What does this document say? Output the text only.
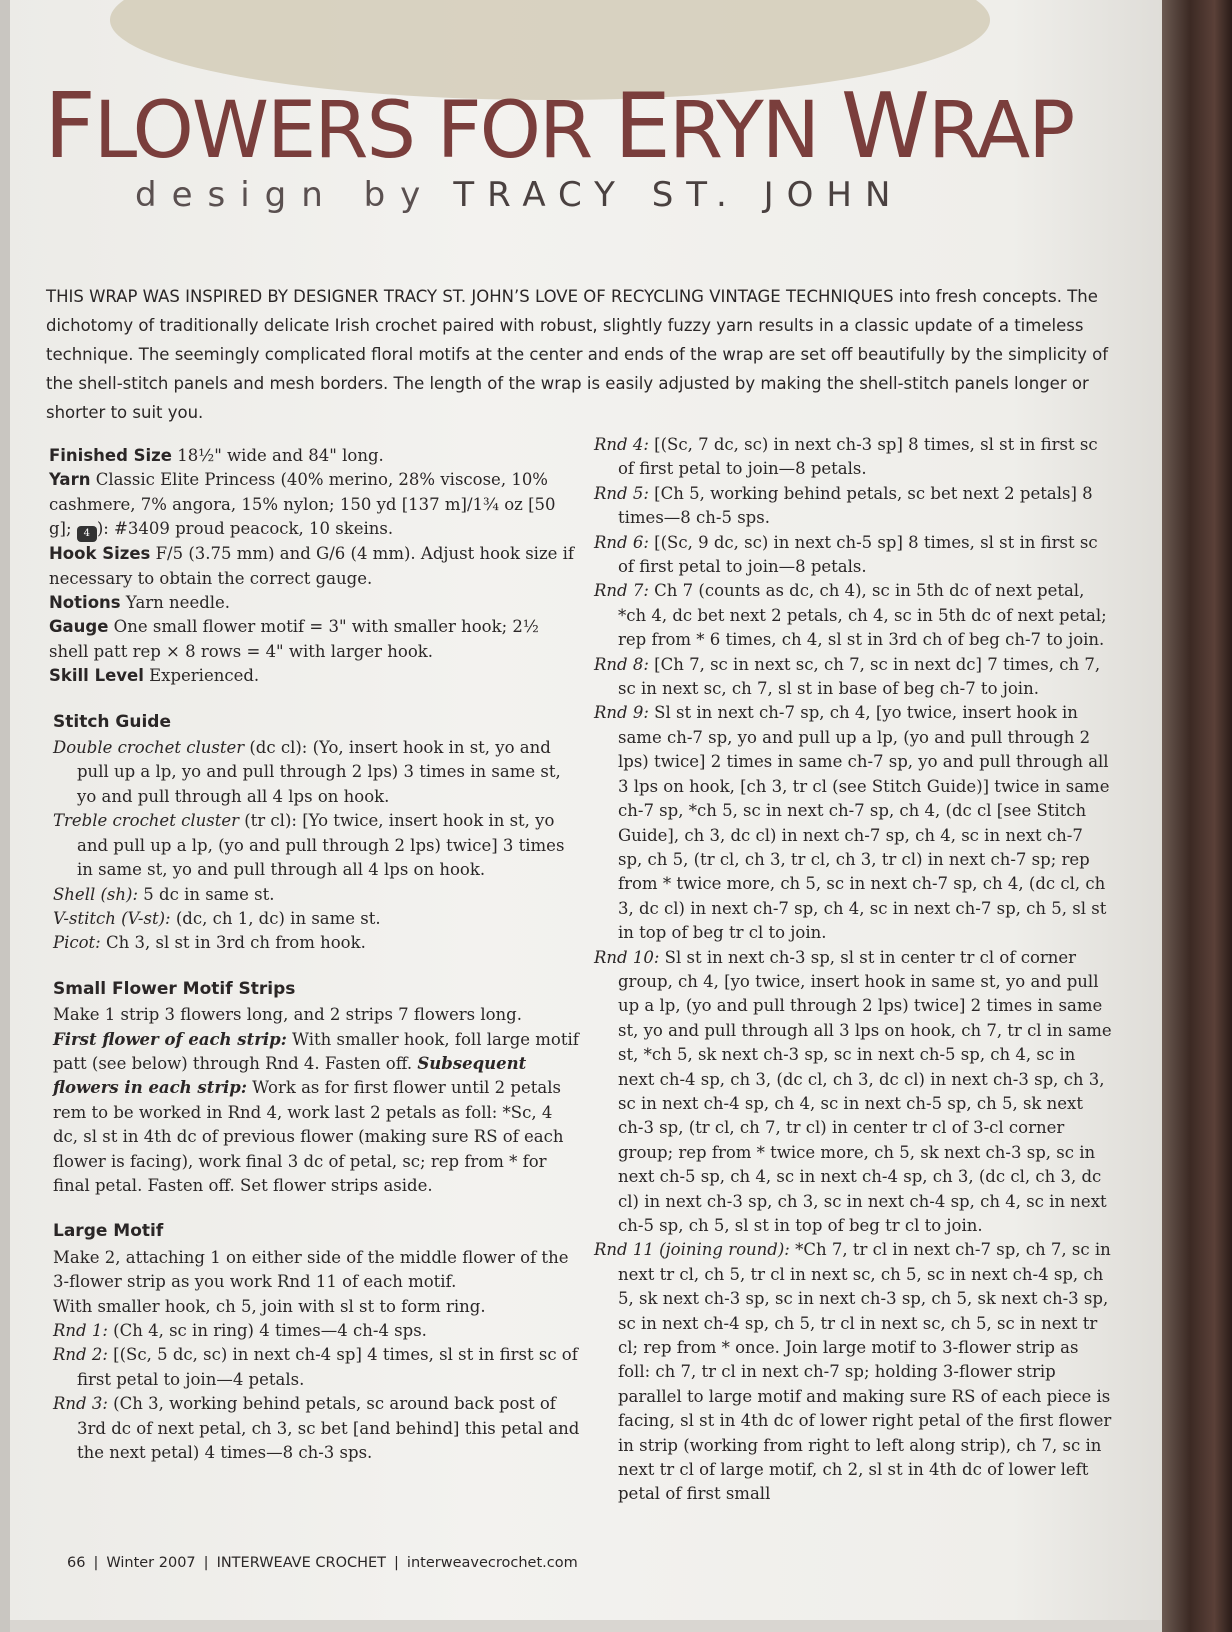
FLOWERS FOR ERYN WRAP
design by TRACY ST. JOHN
THIS WRAP WAS INSPIRED BY DESIGNER TRACY ST. JOHN’S LOVE OF RECYCLING VINTAGE TECHNIQUES into fresh concepts. The dichotomy of traditionally delicate Irish crochet paired with robust, slightly fuzzy yarn results in a classic update of a timeless technique. The seemingly complicated floral motifs at the center and ends of the wrap are set off beautifully by the simplicity of the shell-stitch panels and mesh borders. The length of the wrap is easily adjusted by making the shell-stitch panels longer or shorter to suit you.

Finished Size 18½" wide and 84" long.

Yarn Classic Elite Princess (40% merino, 28% viscose, 10% cashmere, 7% angora, 15% nylon; 150 yd [137 m]/1¾ oz [50 g]; 4 ): #3409 proud peacock, 10 skeins.

Hook Sizes F/5 (3.75 mm) and G/6 (4 mm). Adjust hook size if necessary to obtain the correct gauge.

Notions Yarn needle.

Gauge One small flower motif = 3" with smaller hook; 2½ shell patt rep × 8 rows = 4" with larger hook.

Skill Level Experienced.

Stitch Guide

Double crochet cluster (dc cl): (Yo, insert hook in st, yo and pull up a lp, yo and pull through 2 lps) 3 times in same st, yo and pull through all 4 lps on hook.

Treble crochet cluster (tr cl): [Yo twice, insert hook in st, yo and pull up a lp, (yo and pull through 2 lps) twice] 3 times in same st, yo and pull through all 4 lps on hook.

Shell (sh): 5 dc in same st.

V-stitch (V-st): (dc, ch 1, dc) in same st.

Picot: Ch 3, sl st in 3rd ch from hook.

Small Flower Motif Strips

Make 1 strip 3 flowers long, and 2 strips 7 flowers long.

First flower of each strip: With smaller hook, foll large motif patt (see below) through Rnd 4. Fasten off. Subsequent flowers in each strip: Work as for first flower until 2 petals rem to be worked in Rnd 4, work last 2 petals as foll: *Sc, 4 dc, sl st in 4th dc of previous flower (making sure RS of each flower is facing), work final 3 dc of petal, sc; rep from * for final petal. Fasten off. Set flower strips aside.

Large Motif

Make 2, attaching 1 on either side of the middle flower of the 3-flower strip as you work Rnd 11 of each motif.

With smaller hook, ch 5, join with sl st to form ring.

Rnd 1: (Ch 4, sc in ring) 4 times—4 ch-4 sps.

Rnd 2: [(Sc, 5 dc, sc) in next ch-4 sp] 4 times, sl st in first sc of first petal to join—4 petals.

Rnd 3: (Ch 3, working behind petals, sc around back post of 3rd dc of next petal, ch 3, sc bet [and behind] this petal and the next petal) 4 times—8 ch-3 sps.

Rnd 4: [(Sc, 7 dc, sc) in next ch-3 sp] 8 times, sl st in first sc of first petal to join—8 petals.

Rnd 5: [Ch 5, working behind petals, sc bet next 2 petals] 8 times—8 ch-5 sps.

Rnd 6: [(Sc, 9 dc, sc) in next ch-5 sp] 8 times, sl st in first sc of first petal to join—8 petals.

Rnd 7: Ch 7 (counts as dc, ch 4), sc in 5th dc of next petal, *ch 4, dc bet next 2 petals, ch 4, sc in 5th dc of next petal; rep from * 6 times, ch 4, sl st in 3rd ch of beg ch-7 to join.

Rnd 8: [Ch 7, sc in next sc, ch 7, sc in next dc] 7 times, ch 7, sc in next sc, ch 7, sl st in base of beg ch-7 to join.

Rnd 9: Sl st in next ch-7 sp, ch 4, [yo twice, insert hook in same ch-7 sp, yo and pull up a lp, (yo and pull through 2 lps) twice] 2 times in same ch-7 sp, yo and pull through all 3 lps on hook, [ch 3, tr cl (see Stitch Guide)] twice in same ch-7 sp, *ch 5, sc in next ch-7 sp, ch 4, (dc cl [see Stitch Guide], ch 3, dc cl) in next ch-7 sp, ch 4, sc in next ch-7 sp, ch 5, (tr cl, ch 3, tr cl, ch 3, tr cl) in next ch-7 sp; rep from * twice more, ch 5, sc in next ch-7 sp, ch 4, (dc cl, ch 3, dc cl) in next ch-7 sp, ch 4, sc in next ch-7 sp, ch 5, sl st in top of beg tr cl to join.

Rnd 10: Sl st in next ch-3 sp, sl st in center tr cl of corner group, ch 4, [yo twice, insert hook in same st, yo and pull up a lp, (yo and pull through 2 lps) twice] 2 times in same st, yo and pull through all 3 lps on hook, ch 7, tr cl in same st, *ch 5, sk next ch-3 sp, sc in next ch-5 sp, ch 4, sc in next ch-4 sp, ch 3, (dc cl, ch 3, dc cl) in next ch-3 sp, ch 3, sc in next ch-4 sp, ch 4, sc in next ch-5 sp, ch 5, sk next ch-3 sp, (tr cl, ch 7, tr cl) in center tr cl of 3-cl corner group; rep from * twice more, ch 5, sk next ch-3 sp, sc in next ch-5 sp, ch 4, sc in next ch-4 sp, ch 3, (dc cl, ch 3, dc cl) in next ch-3 sp, ch 3, sc in next ch-4 sp, ch 4, sc in next ch-5 sp, ch 5, sl st in top of beg tr cl to join.

Rnd 11 (joining round): *Ch 7, tr cl in next ch-7 sp, ch 7, sc in next tr cl, ch 5, tr cl in next sc, ch 5, sc in next ch-4 sp, ch 5, sk next ch-3 sp, sc in next ch-3 sp, ch 5, sk next ch-3 sp, sc in next ch-4 sp, ch 5, tr cl in next sc, ch 5, sc in next tr cl; rep from * once. Join large motif to 3-flower strip as foll: ch 7, tr cl in next ch-7 sp; holding 3-flower strip parallel to large motif and making sure RS of each piece is facing, sl st in 4th dc of lower right petal of the first flower in strip (working from right to left along strip), ch 7, sc in next tr cl of large motif, ch 2, sl st in 4th dc of lower left petal of first small

66 | Winter 2007 | INTERWEAVE CROCHET | interweavecrochet.com
